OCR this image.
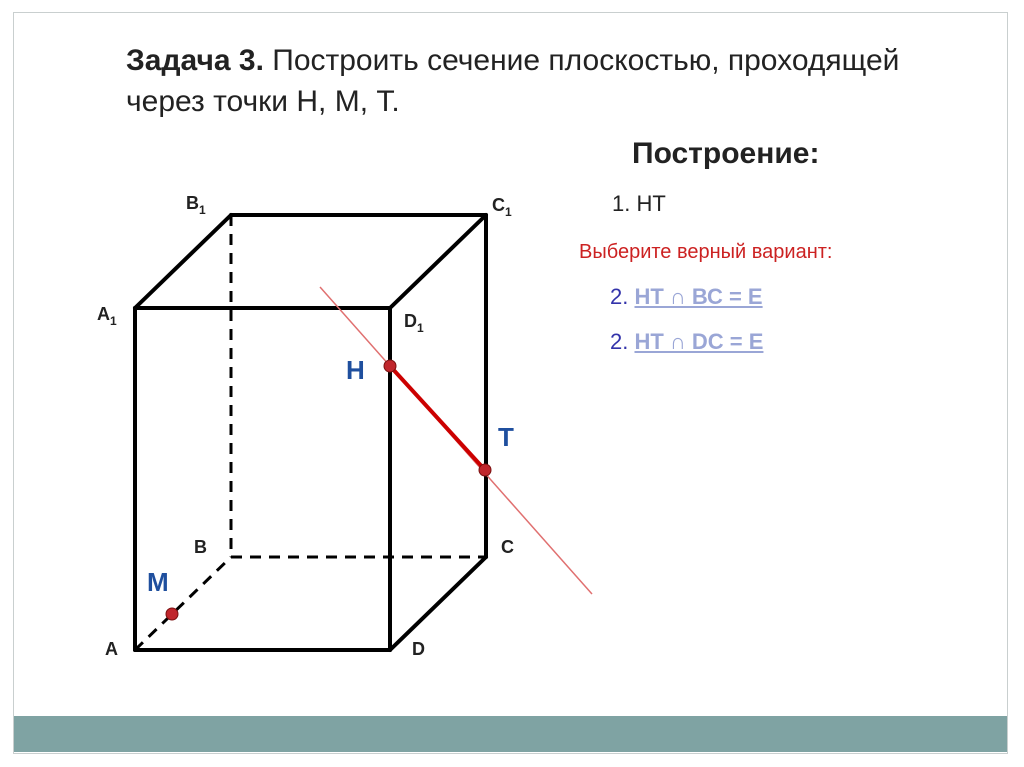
Задача 3. Построить сечение плоскостью, проходящей через точки Н, М, Т.
Построение:
1. НТ
Выберите верный вариант:
2. НТ ∩ ВС = Е
2. НТ ∩ DС = Е
H
T
M
$B_1$	$C_1$
$A_1$	$D_1$
B	C
A	D
